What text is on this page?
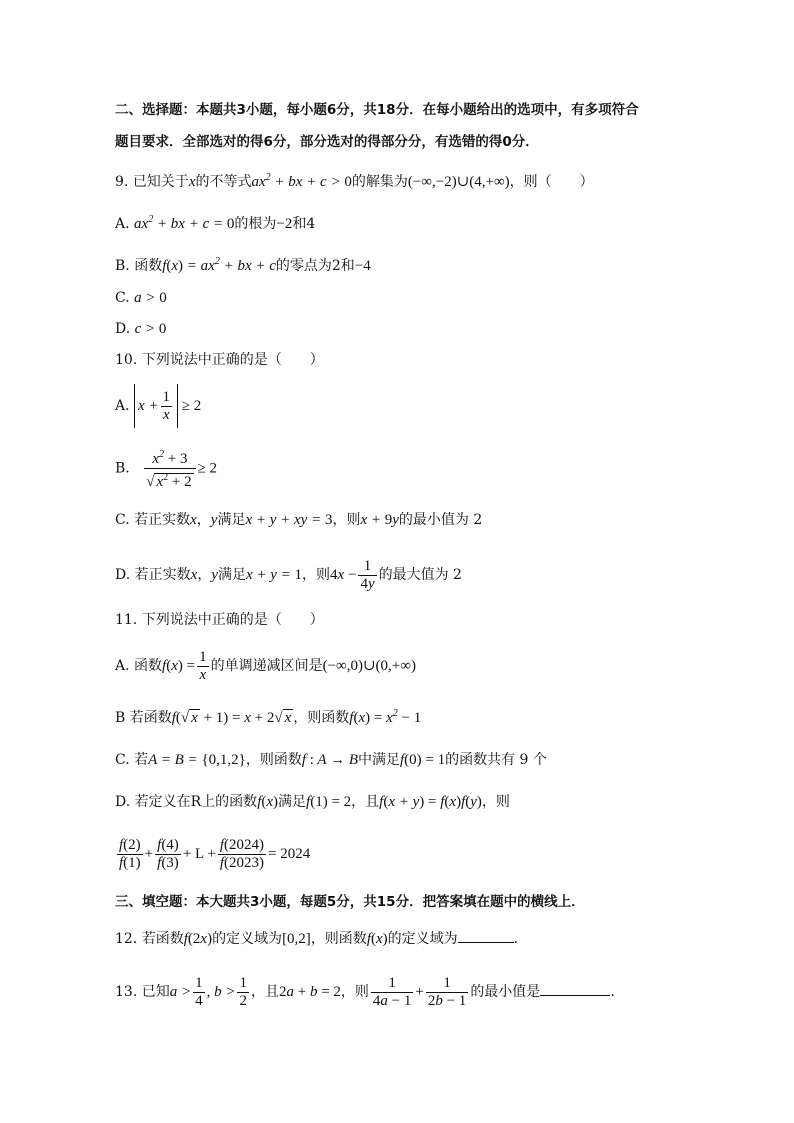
二、选择题：本题共3小题，每小题6分，共18分．在每小题给出的选项中，有多项符合
题目要求．全部选对的得6分，部分选对的得部分分，有选错的得0分．
9. 已知关于x的不等式$ax^2$ + bx + c > 0的解集为(−∞,−2)∪(4,+∞)，则（　　）
A. $ax^2$ + bx + c = 0的根为−2和4
B. 函数$f(x) = ax^2$ + bx + c的零点为2和−4
C. a > 0
D. c > 0
10. 下列说法中正确的是（　　）
A. $x + \frac{1}{x} \ge 2$
B. $\frac{x^2 + 3}{√ x^2 + 2} \ge 2$
C. 若正实数x，y满足x + y + xy = 3，则x + 9y的最小值为 2
D. 若正实数x，y满足x + y = 1，则$4x - \frac{1}{4y}$ 的最大值为 2
11. 下列说法中正确的是（　　）
A. 函数$f(x) = \frac{1}{x}$ 的单调递减区间是(−∞,0)∪(0,+∞)
B 若函数f(√ x + 1) = x + 2√ x ，则函数$f(x) = x^2 - 1$
C. 若A = B = {0,1,2}，则函数f : A → B中满足f(0) = 1的函数共有 9 个
D. 若定义在R上的函数f(x)满足f(1) = 2，且f(x + y) = f(x)f(y)，则
$\frac{f(2)}{f(1)} + \frac{f(4)}{f(3)} + L + \frac{f(2024)}{f(2023)} = 2024$
三、填空题：本大题共3小题，每题5分，共15分．把答案填在题中的横线上．
12. 若函数f(2x)的定义域为[0,2]，则函数f(x)的定义域为	．
13. 已知$a > \frac{1}{4}$ , $b > \frac{1}{2}$ ，且2a + b = 2，则 $\frac{1}{4a - 1} + \frac{1}{2b - 1}$ 的最小值是	.
